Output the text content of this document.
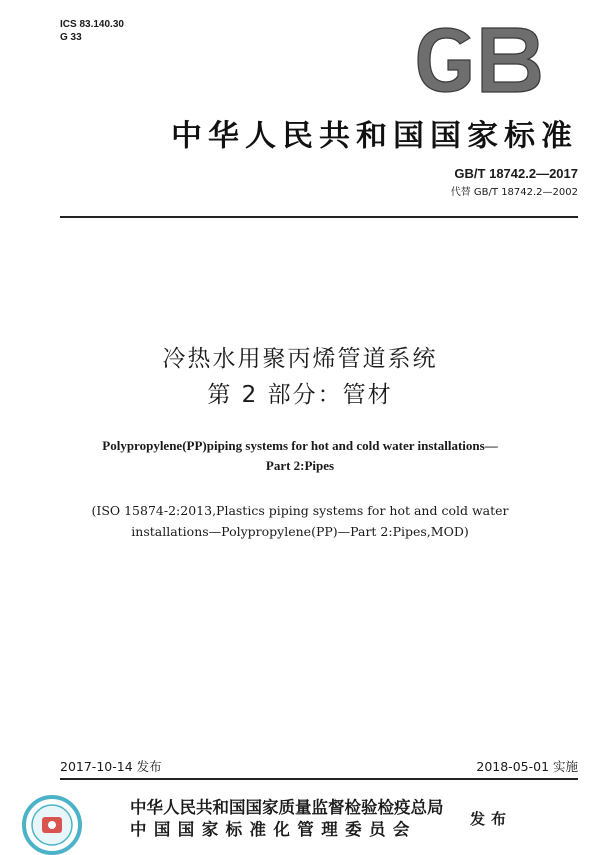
ICS 83.140.30
G 33
中华人民共和国国家标准
GB/T 18742.2—2017
代替 GB/T 18742.2—2002
冷热水用聚丙烯管道系统
第 2 部分：管材
Polypropylene(PP)piping systems for hot and cold water installations—
Part 2:Pipes
(ISO 15874-2:2013,Plastics piping systems for hot and cold water
installations—Polypropylene(PP)—Part 2:Pipes,MOD)
2017-10-14 发布	2018-05-01 实施
中华人民共和国国家质量监督检验检疫总局
中国国家标准化管理委员会
发布
